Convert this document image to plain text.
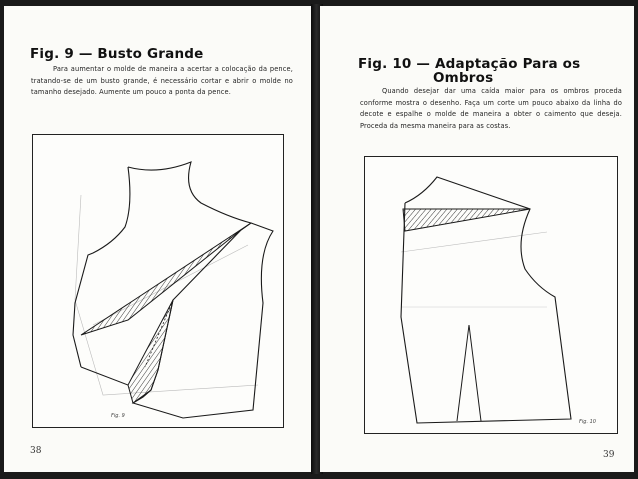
Fig. 9 — Busto Grande
Para aumentar o molde de maneira a acertar a colocação da pence, tratando-se de um busto grande, é necessário cortar e abrir o molde no tamanho desejado. Aumente um pouco a ponta da pence.
Fig. 9
38
Fig. 10 — Adaptação Para os
Ombros
Quando desejar dar uma caída maior para os ombros proceda conforme mostra o desenho. Faça um corte um pouco abaixo da linha do decote e espalhe o molde de maneira a obter o caimento que deseja. Proceda da mesma maneira para as costas.
Fig. 10
39
